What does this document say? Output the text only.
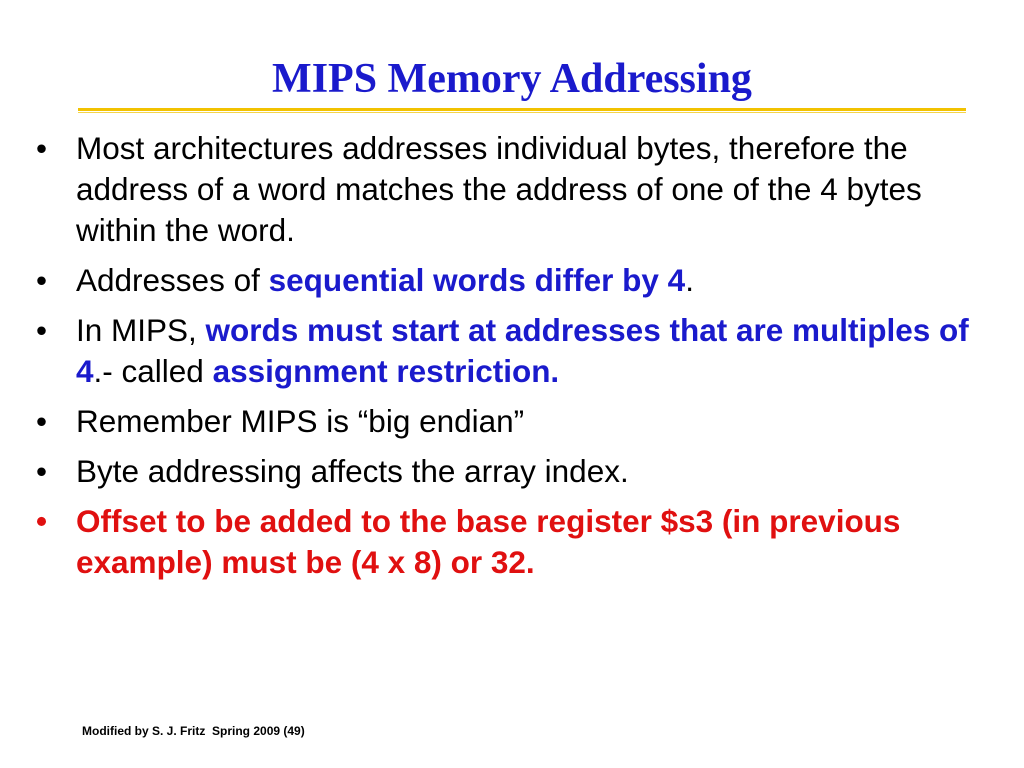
MIPS Memory Addressing
• Most architectures addresses individual bytes, therefore the address of a word matches the address of one of the 4 bytes within the word.
• Addresses of sequential words differ by 4.
• In MIPS, words must start at addresses that are multiples of 4.- called assignment restriction.
• Remember MIPS is “big endian”
• Byte addressing affects the array index.
• Offset to be added to the base register $s3 (in previous example) must be (4 x 8) or 32.
Modified by S. J. Fritz  Spring 2009 (49)
